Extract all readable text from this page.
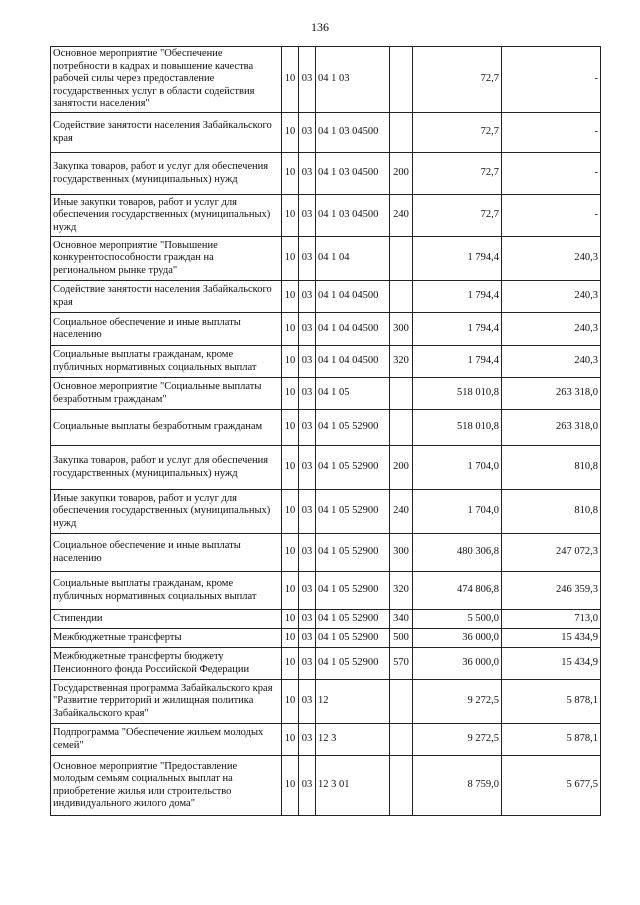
136
Основное мероприятие "Обеспечение потребности в кадрах и повышение качества рабочей силы через предоставление государственных услуг в области содействия занятости населения"	10	03	04 1 03		72,7	-
Содействие занятости населения Забайкальского края	10	03	04 1 03 04500		72,7	-
Закупка товаров, работ и услуг для обеспечения государственных (муниципальных) нужд	10	03	04 1 03 04500	200	72,7	-
Иные закупки товаров, работ и услуг для обеспечения государственных (муниципальных) нужд	10	03	04 1 03 04500	240	72,7	-
Основное мероприятие "Повышение конкурентоспособности граждан на региональном рынке труда"	10	03	04 1 04		1 794,4	240,3
Содействие занятости населения Забайкальского края	10	03	04 1 04 04500		1 794,4	240,3
Социальное обеспечение и иные выплаты населению	10	03	04 1 04 04500	300	1 794,4	240,3
Социальные выплаты гражданам, кроме публичных нормативных социальных выплат	10	03	04 1 04 04500	320	1 794,4	240,3
Основное мероприятие "Социальные выплаты безработным гражданам"	10	03	04 1 05		518 010,8	263 318,0
Социальные выплаты безработным гражданам	10	03	04 1 05 52900		518 010,8	263 318,0
Закупка товаров, работ и услуг для обеспечения государственных (муниципальных) нужд	10	03	04 1 05 52900	200	1 704,0	810,8
Иные закупки товаров, работ и услуг для обеспечения государственных (муниципальных) нужд	10	03	04 1 05 52900	240	1 704,0	810,8
Социальное обеспечение и иные выплаты населению	10	03	04 1 05 52900	300	480 306,8	247 072,3
Социальные выплаты гражданам, кроме публичных нормативных социальных выплат	10	03	04 1 05 52900	320	474 806,8	246 359,3
Стипендии	10	03	04 1 05 52900	340	5 500,0	713,0
Межбюджетные трансферты	10	03	04 1 05 52900	500	36 000,0	15 434,9
Межбюджетные трансферты бюджету Пенсионного фонда Российской Федерации	10	03	04 1 05 52900	570	36 000,0	15 434,9
Государственная программа Забайкальского края "Развитие территорий и жилищная политика Забайкальского края"	10	03	12		9 272,5	5 878,1
Подпрограмма "Обеспечение жильем молодых семей"	10	03	12 3		9 272,5	5 878,1
Основное мероприятие "Предоставление молодым семьям социальных выплат на приобретение жилья или строительство индивидуального жилого дома"	10	03	12 3 01		8 759,0	5 677,5
